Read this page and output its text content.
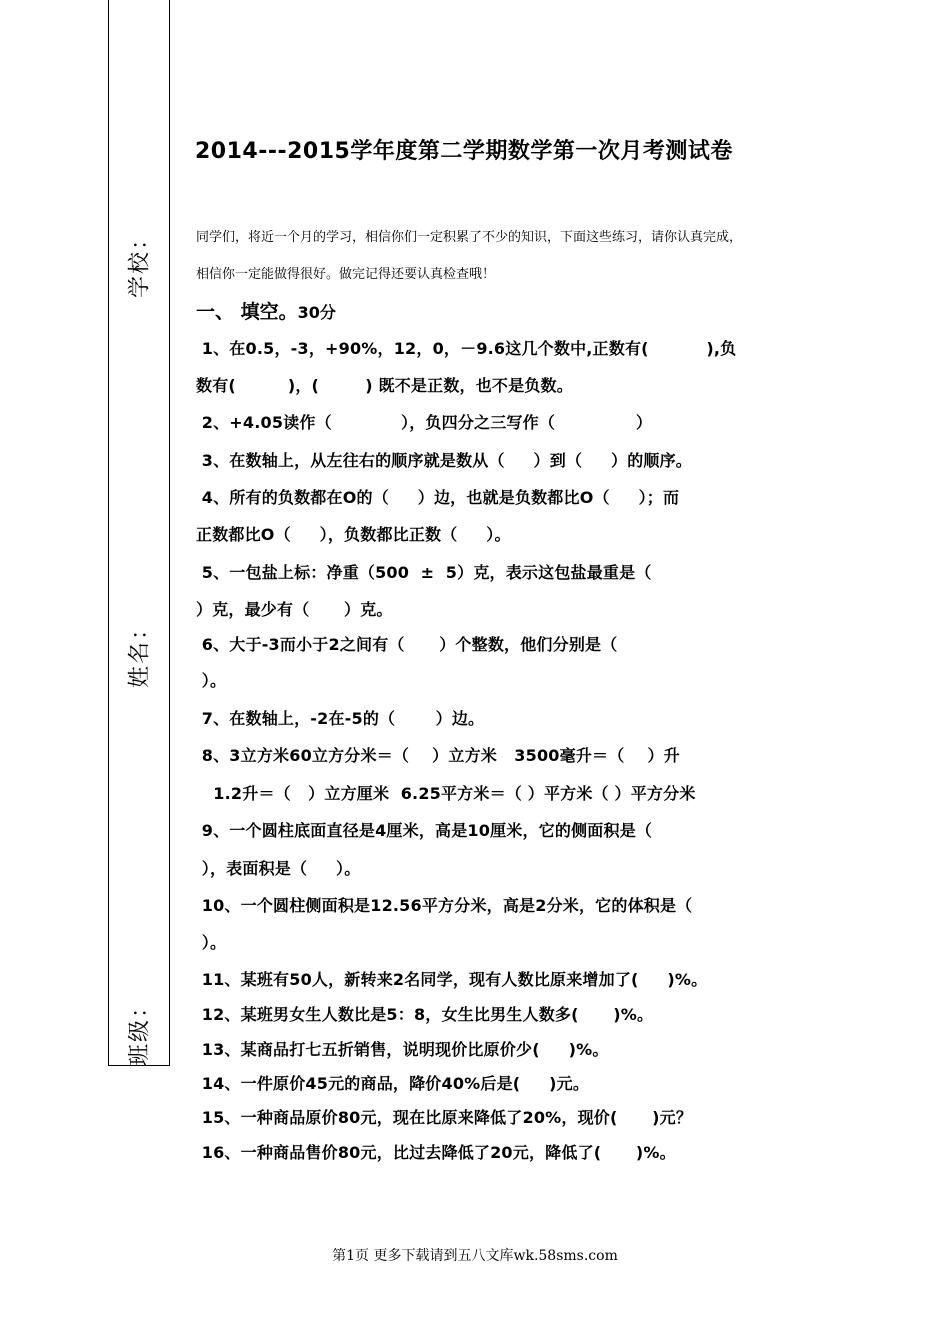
学校：
姓名：
班级：
2014---2015学年度第二学期数学第一次月考测试卷
同学们，将近一个月的学习，相信你们一定积累了不少的知识，下面这些练习，请你认真完成，
相信你一定能做得很好。做完记得还要认真检查哦！
一、 填空。30分
1、在0.5，-3，+90%，12，0，－9.6这几个数中,正数有(          ),负
数有(         )，(        ) 既不是正数，也不是负数。
2、+4.05读作（            ），负四分之三写作（              ）
3、在数轴上，从左往右的顺序就是数从（     ）到（     ）的顺序。
4、所有的负数都在O的（     ）边，也就是负数都比O（     ）；而
正数都比O（     ），负数都比正数（     ）。
5、一包盐上标：净重（500  ±  5）克，表示这包盐最重是（
）克，最少有（      ）克。
6、大于-3而小于2之间有（      ）个整数，他们分别是（
）。
7、在数轴上，-2在-5的（       ）边。
8、3立方米60立方分米＝（    ）立方米   3500毫升＝（    ）升
1.2升＝（   ）立方厘米  6.25平方米＝（ ）平方米（ ）平方分米
9、一个圆柱底面直径是4厘米，高是10厘米，它的侧面积是（
），表面积是（     ）。
10、一个圆柱侧面积是12.56平方分米，高是2分米，它的体积是（
）。
11、某班有50人，新转来2名同学，现有人数比原来增加了(     )%。
12、某班男女生人数比是5：8，女生比男生人数多(      )%。
13、某商品打七五折销售，说明现价比原价少(     )%。
14、一件原价45元的商品，降价40%后是(     )元。
15、一种商品原价80元，现在比原来降低了20%，现价(      )元？
16、一种商品售价80元，比过去降低了20元，降低了(      )%。
第1页 更多下载请到五八文库wk.58sms.com
